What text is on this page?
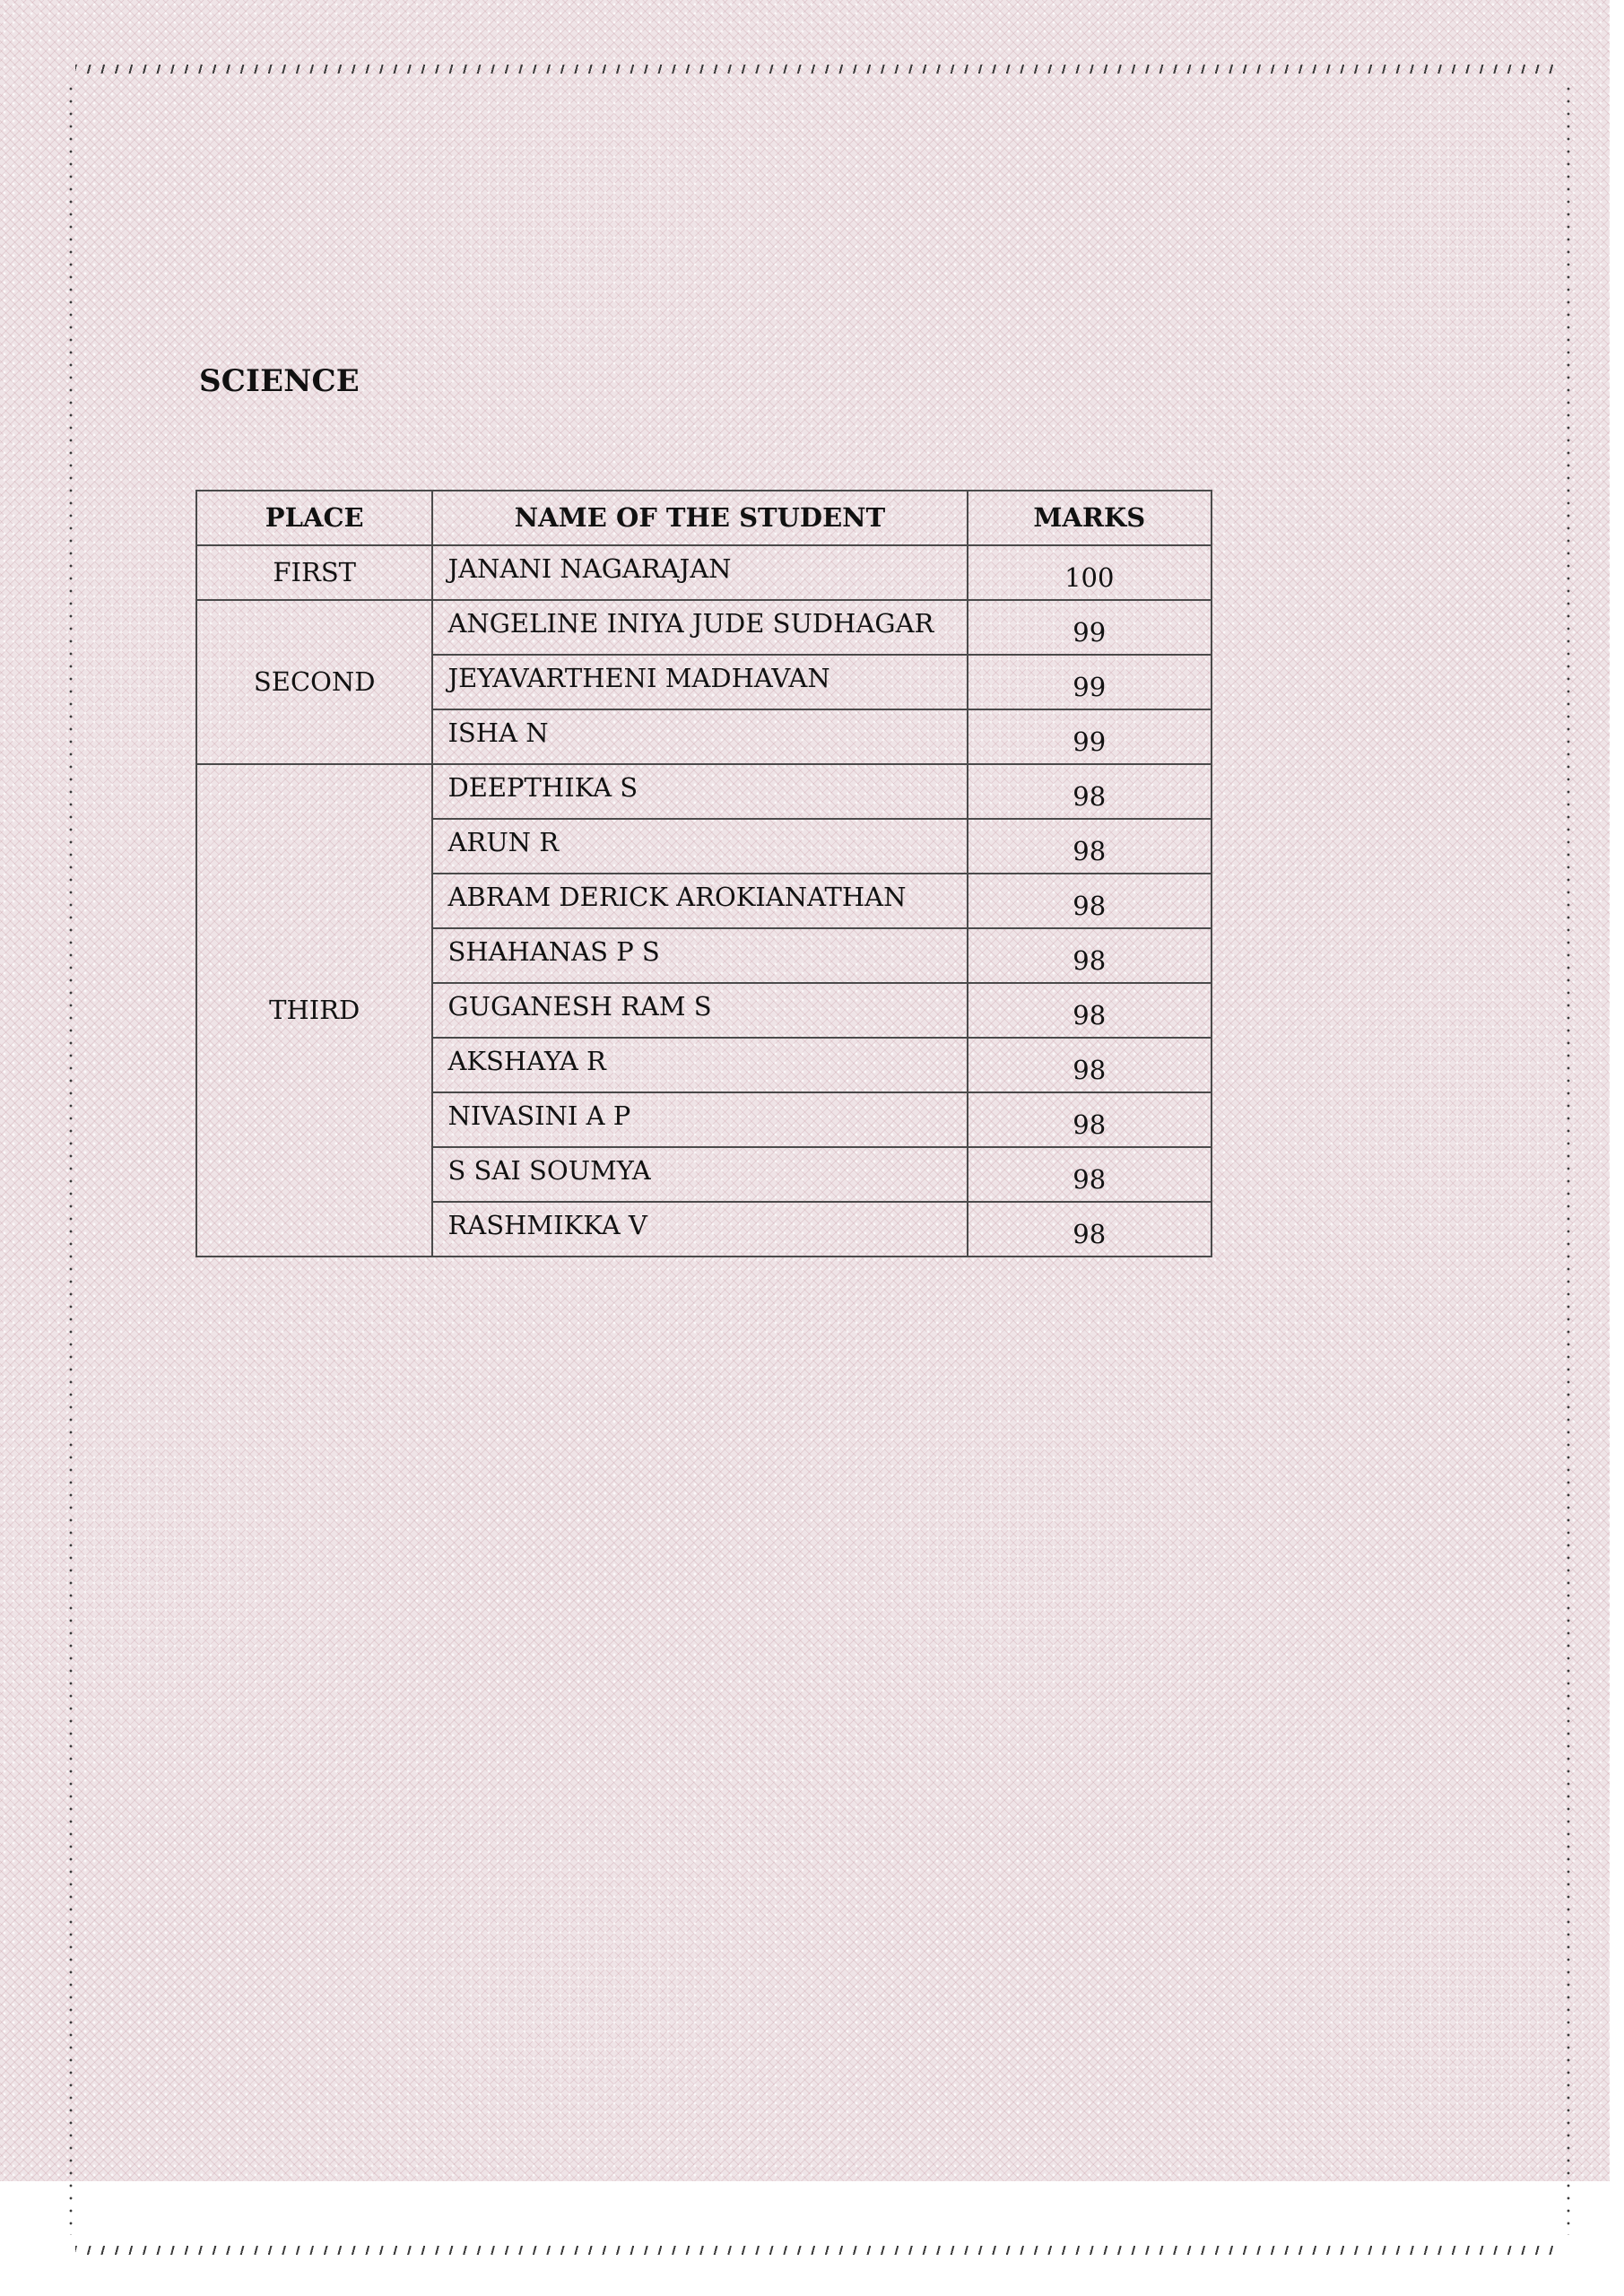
SCIENCE
PLACE	NAME OF THE STUDENT	MARKS
FIRST	JANANI NAGARAJAN	100
SECOND	ANGELINE INIYA JUDE SUDHAGAR	99
	JEYAVARTHENI MADHAVAN	99
	ISHA N	99
THIRD	DEEPTHIKA S	98
	ARUN R	98
	ABRAM DERICK AROKIANATHAN	98
	SHAHANAS P S	98
	GUGANESH RAM S	98
	AKSHAYA R	98
	NIVASINI A P	98
	S SAI SOUMYA	98
	RASHMIKKA V	98
